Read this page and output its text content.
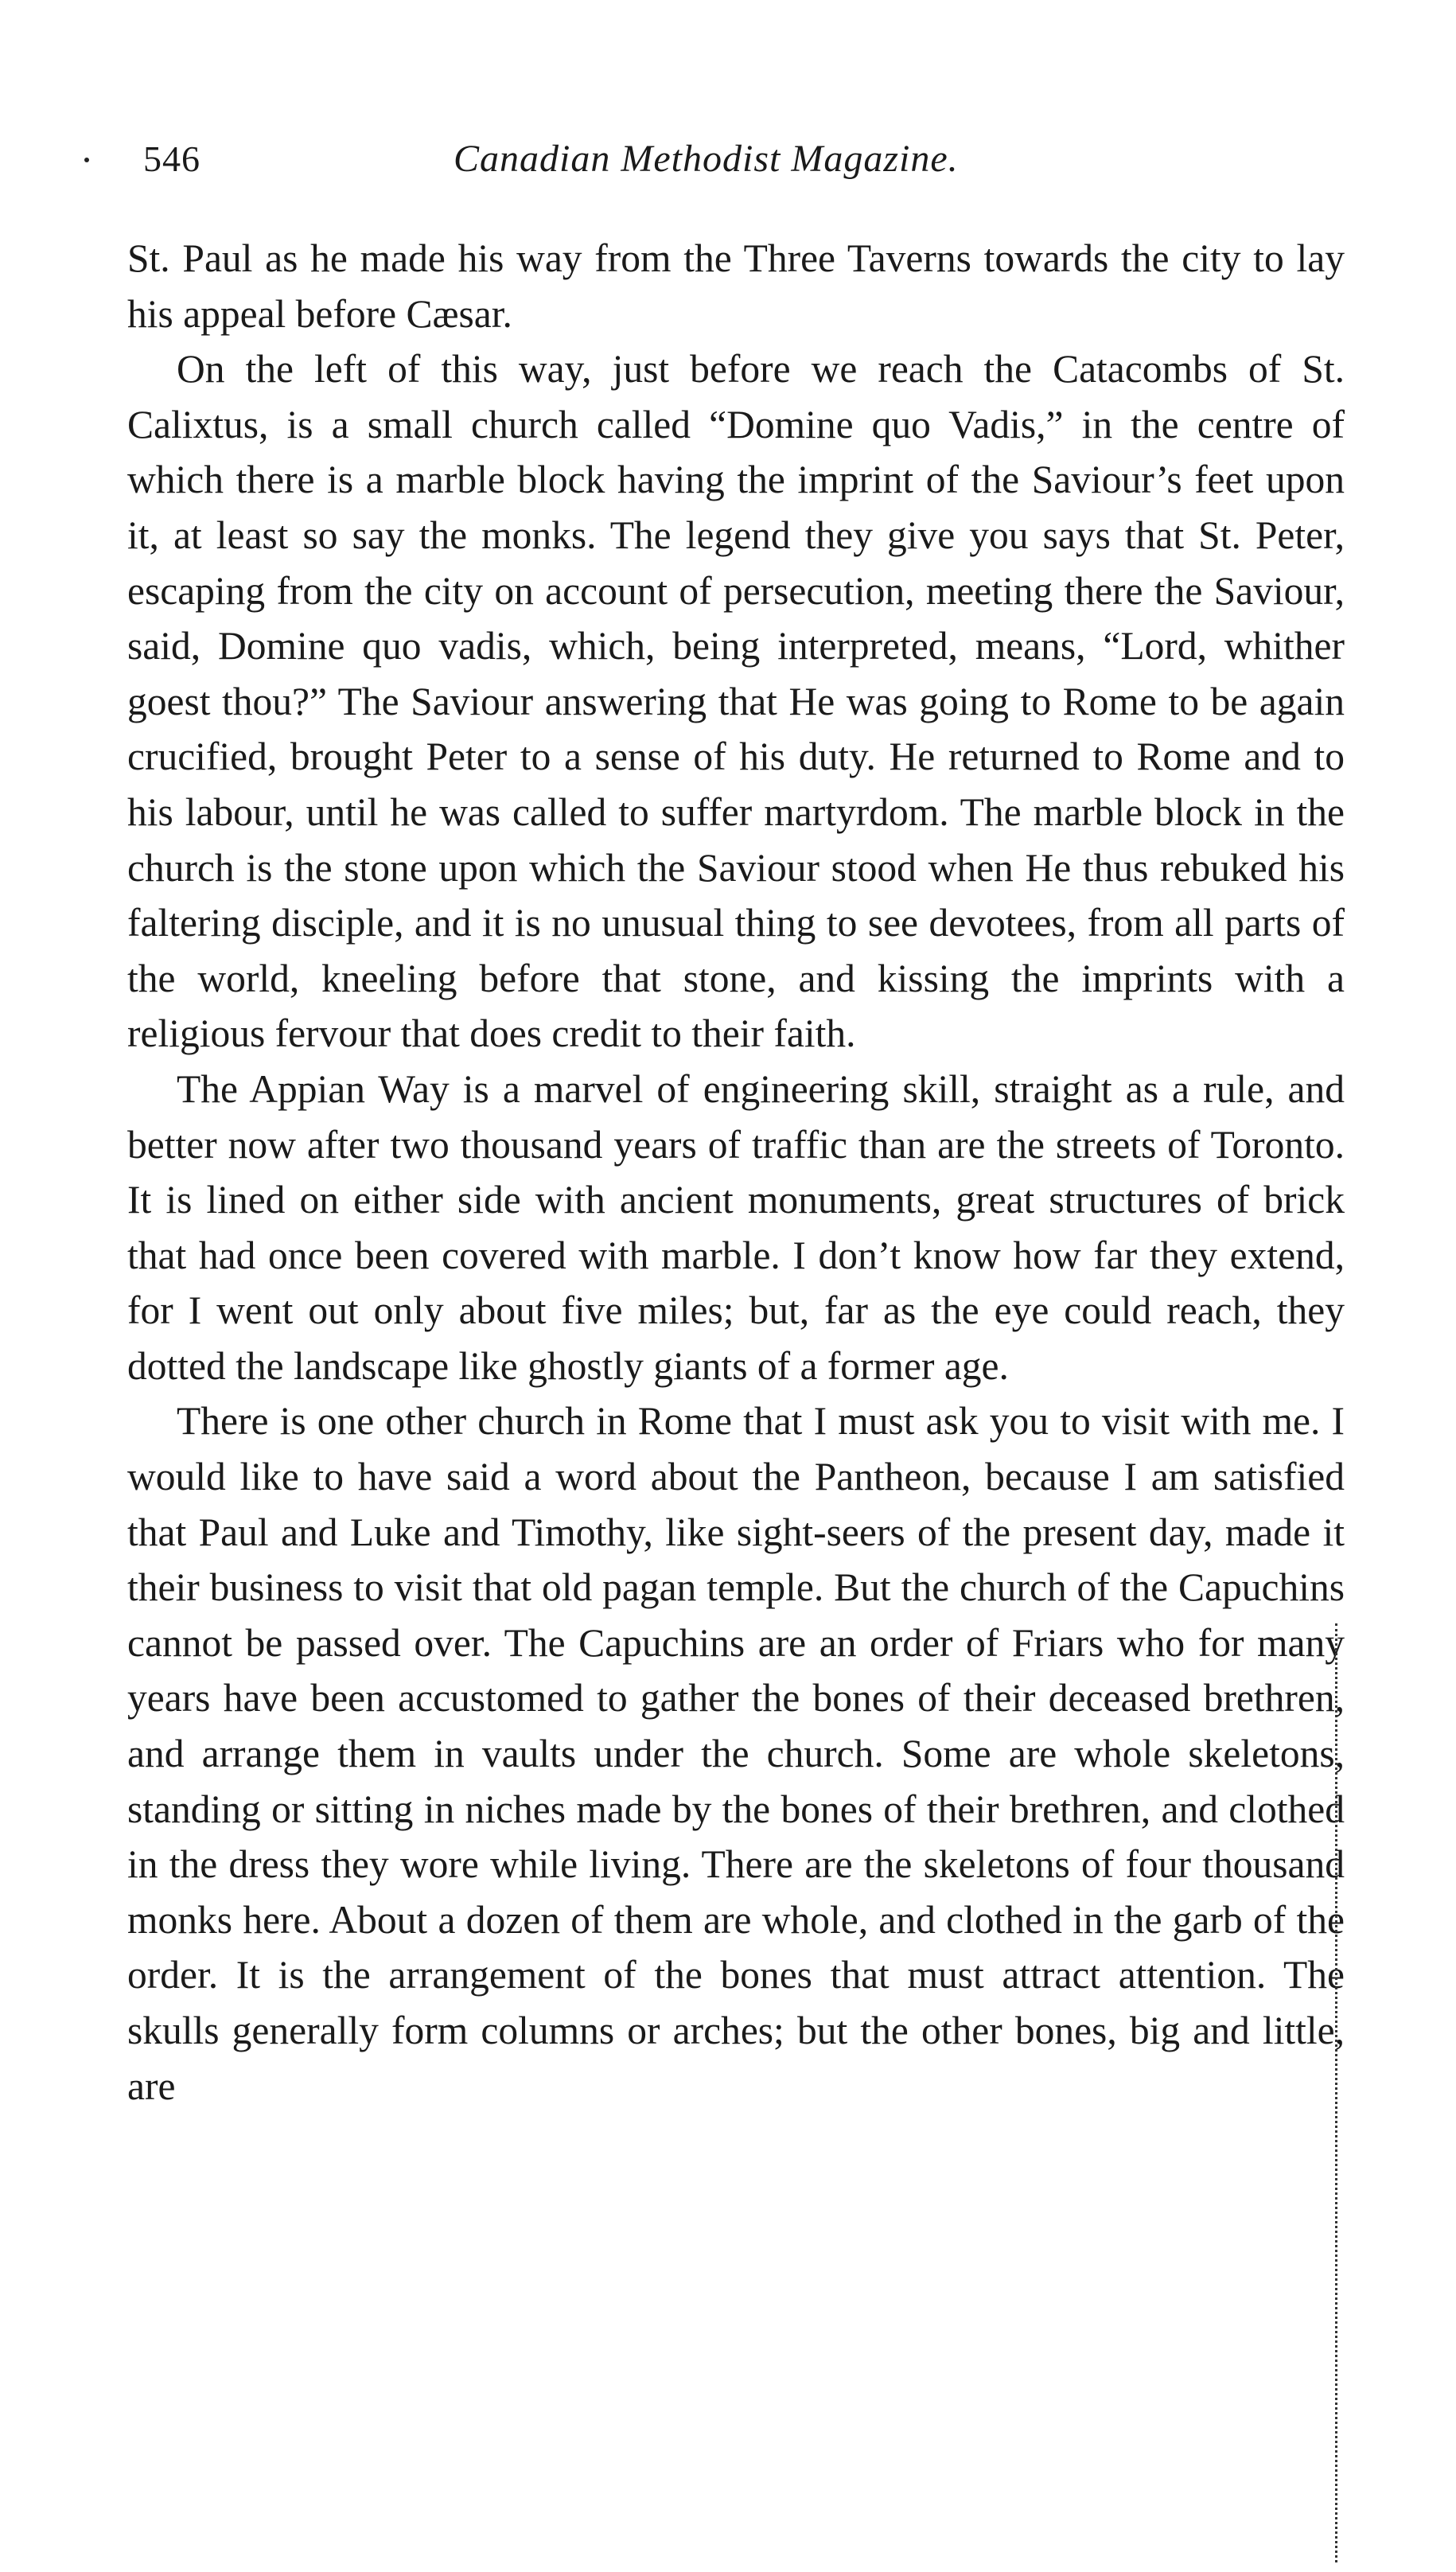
546	Canadian Methodist Magazine.

St. Paul as he made his way from the Three Taverns towards the city to lay his appeal before Cæsar.

On the left of this way, just before we reach the Catacombs of St. Calixtus, is a small church called “Domine quo Vadis,” in the centre of which there is a marble block having the imprint of the Saviour’s feet upon it, at least so say the monks. The legend they give you says that St. Peter, escaping from the city on account of persecution, meeting there the Saviour, said, Domine quo vadis, which, being interpreted, means, “Lord, whither goest thou?” The Saviour answering that He was going to Rome to be again crucified, brought Peter to a sense of his duty. He returned to Rome and to his labour, until he was called to suffer martyrdom. The marble block in the church is the stone upon which the Saviour stood when He thus rebuked his faltering disciple, and it is no unusual thing to see devotees, from all parts of the world, kneeling before that stone, and kissing the imprints with a religious fervour that does credit to their faith.

The Appian Way is a marvel of engineering skill, straight as a rule, and better now after two thousand years of traffic than are the streets of Toronto. It is lined on either side with ancient monuments, great structures of brick that had once been covered with marble. I don’t know how far they extend, for I went out only about five miles; but, far as the eye could reach, they dotted the landscape like ghostly giants of a former age.

There is one other church in Rome that I must ask you to visit with me. I would like to have said a word about the Pantheon, because I am satisfied that Paul and Luke and Timothy, like sight-seers of the present day, made it their business to visit that old pagan temple. But the church of the Capuchins cannot be passed over. The Capuchins are an order of Friars who for many years have been accustomed to gather the bones of their deceased brethren, and arrange them in vaults under the church. Some are whole skeletons, standing or sitting in niches made by the bones of their brethren, and clothed in the dress they wore while living. There are the skeletons of four thousand monks here. About a dozen of them are whole, and clothed in the garb of the order. It is the arrangement of the bones that must attract attention. The skulls generally form columns or arches; but the other bones, big and little, are
